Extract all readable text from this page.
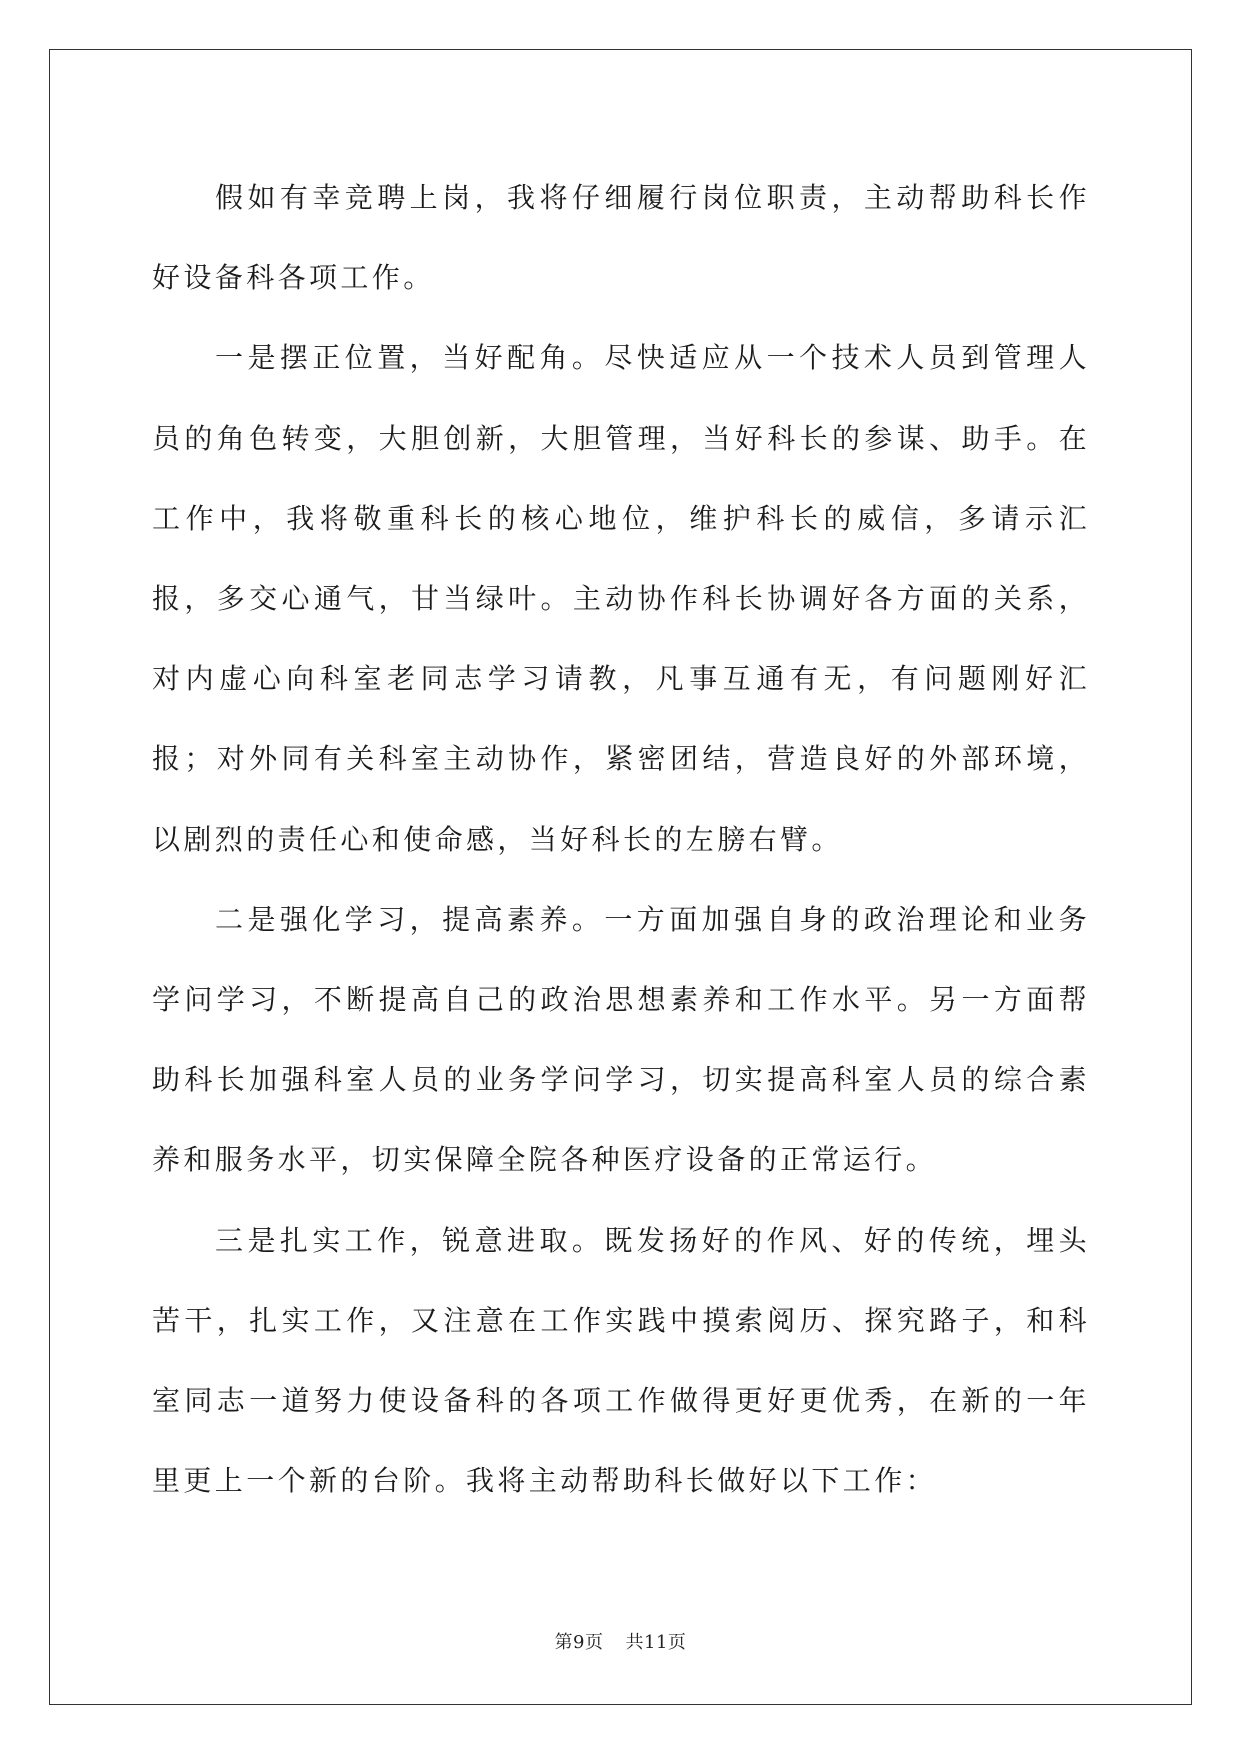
假如有幸竞聘上岗，我将仔细履行岗位职责，主动帮助科长作好设备科各项工作。

一是摆正位置，当好配角。尽快适应从一个技术人员到管理人员的角色转变，大胆创新，大胆管理，当好科长的参谋、助手。在工作中，我将敬重科长的核心地位，维护科长的威信，多请示汇报，多交心通气，甘当绿叶。主动协作科长协调好各方面的关系，对内虚心向科室老同志学习请教，凡事互通有无，有问题刚好汇报；对外同有关科室主动协作，紧密团结，营造良好的外部环境，以剧烈的责任心和使命感，当好科长的左膀右臂。

二是强化学习，提高素养。一方面加强自身的政治理论和业务学问学习，不断提高自己的政治思想素养和工作水平。另一方面帮助科长加强科室人员的业务学问学习，切实提高科室人员的综合素养和服务水平，切实保障全院各种医疗设备的正常运行。

三是扎实工作，锐意进取。既发扬好的作风、好的传统，埋头苦干，扎实工作，又注意在工作实践中摸索阅历、探究路子，和科室同志一道努力使设备科的各项工作做得更好更优秀，在新的一年里更上一个新的台阶。我将主动帮助科长做好以下工作：

第9页 共11页
